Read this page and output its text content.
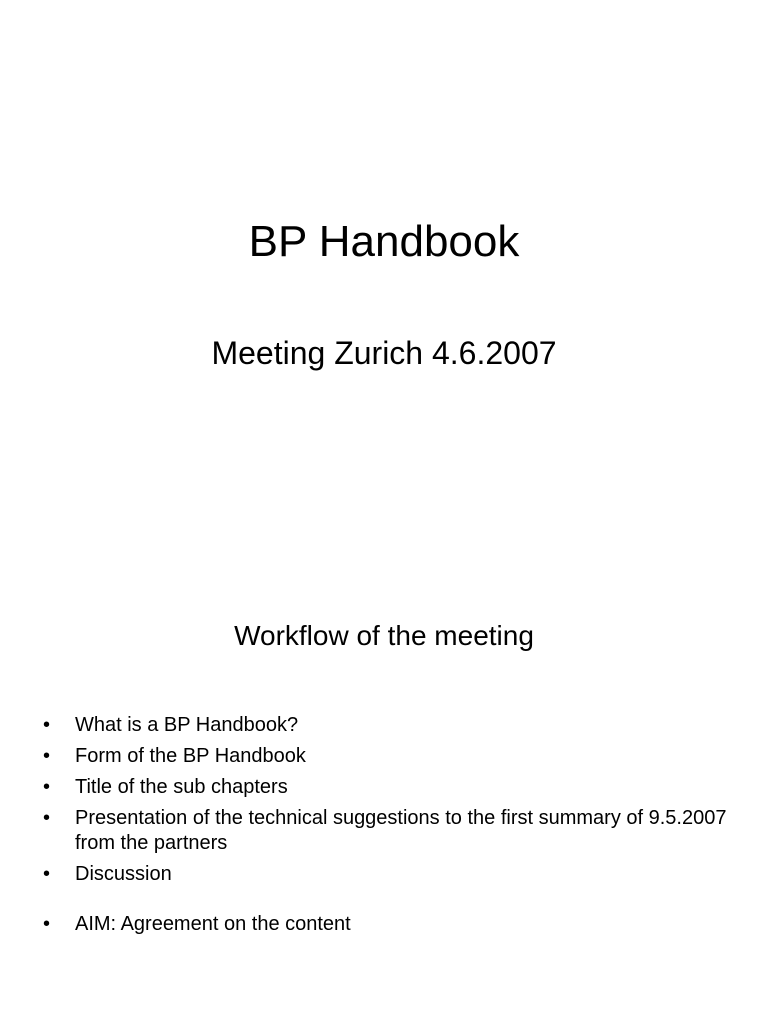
BP Handbook
Meeting Zurich 4.6.2007
Workflow of the meeting
• What is a BP Handbook?
• Form of the BP Handbook
• Title of the sub chapters
• Presentation of the technical suggestions to the first summary of 9.5.2007 from the partners
• Discussion
• AIM: Agreement on the content
